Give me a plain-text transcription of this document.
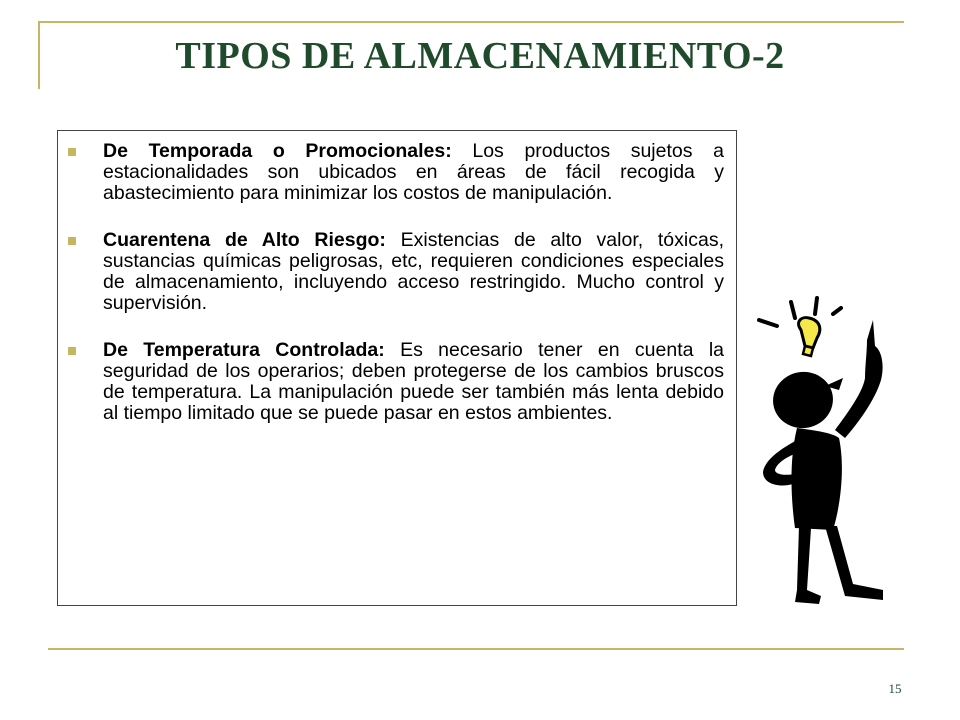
TIPOS DE ALMACENAMIENTO-2
De Temporada o Promocionales: Los productos sujetos a estacionalidades son ubicados en áreas de fácil recogida y abastecimiento para minimizar los costos de manipulación.
Cuarentena de Alto Riesgo: Existencias de alto valor, tóxicas, sustancias químicas peligrosas, etc, requieren condiciones especiales de almacenamiento, incluyendo acceso restringido. Mucho control y supervisión.
De Temperatura Controlada: Es necesario tener en cuenta la seguridad de los operarios; deben protegerse de los cambios bruscos de temperatura. La manipulación puede ser también más lenta debido al tiempo limitado que se puede pasar en estos ambientes.
15
